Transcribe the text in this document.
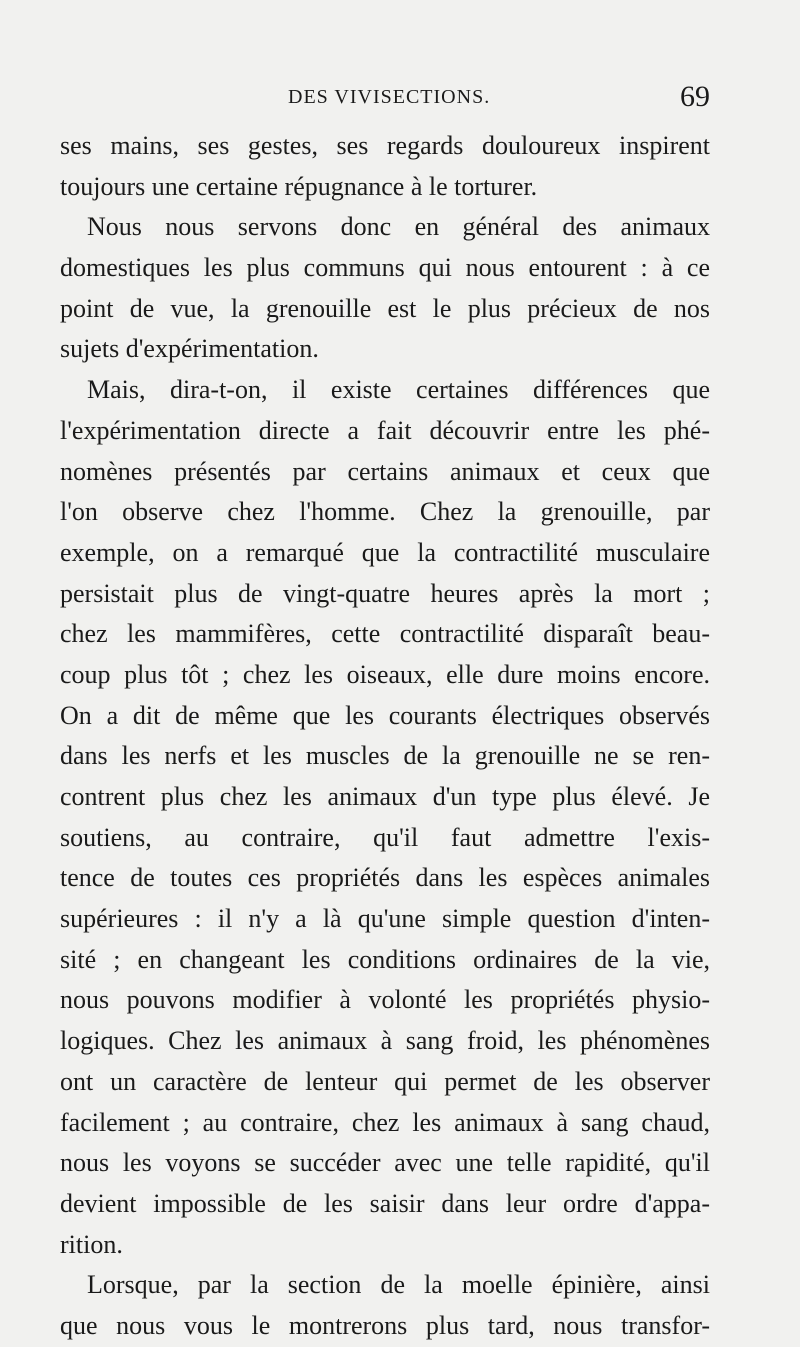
DES VIVISECTIONS.	69
ses mains, ses gestes, ses regards douloureux inspirent
toujours une certaine répugnance à le torturer.
Nous nous servons donc en général des animaux
domestiques les plus communs qui nous entourent : à ce
point de vue, la grenouille est le plus précieux de nos
sujets d'expérimentation.
Mais, dira-t-on, il existe certaines différences que
l'expérimentation directe a fait découvrir entre les phé-
nomènes présentés par certains animaux et ceux que
l'on observe chez l'homme. Chez la grenouille, par
exemple, on a remarqué que la contractilité musculaire
persistait plus de vingt-quatre heures après la mort ;
chez les mammifères, cette contractilité disparaît beau-
coup plus tôt ; chez les oiseaux, elle dure moins encore.
On a dit de même que les courants électriques observés
dans les nerfs et les muscles de la grenouille ne se ren-
contrent plus chez les animaux d'un type plus élevé. Je
soutiens, au contraire, qu'il faut admettre l'exis-
tence de toutes ces propriétés dans les espèces animales
supérieures : il n'y a là qu'une simple question d'inten-
sité ; en changeant les conditions ordinaires de la vie,
nous pouvons modifier à volonté les propriétés physio-
logiques. Chez les animaux à sang froid, les phénomènes
ont un caractère de lenteur qui permet de les observer
facilement ; au contraire, chez les animaux à sang chaud,
nous les voyons se succéder avec une telle rapidité, qu'il
devient impossible de les saisir dans leur ordre d'appa-
rition.
Lorsque, par la section de la moelle épinière, ainsi
que nous vous le montrerons plus tard, nous transfor-
